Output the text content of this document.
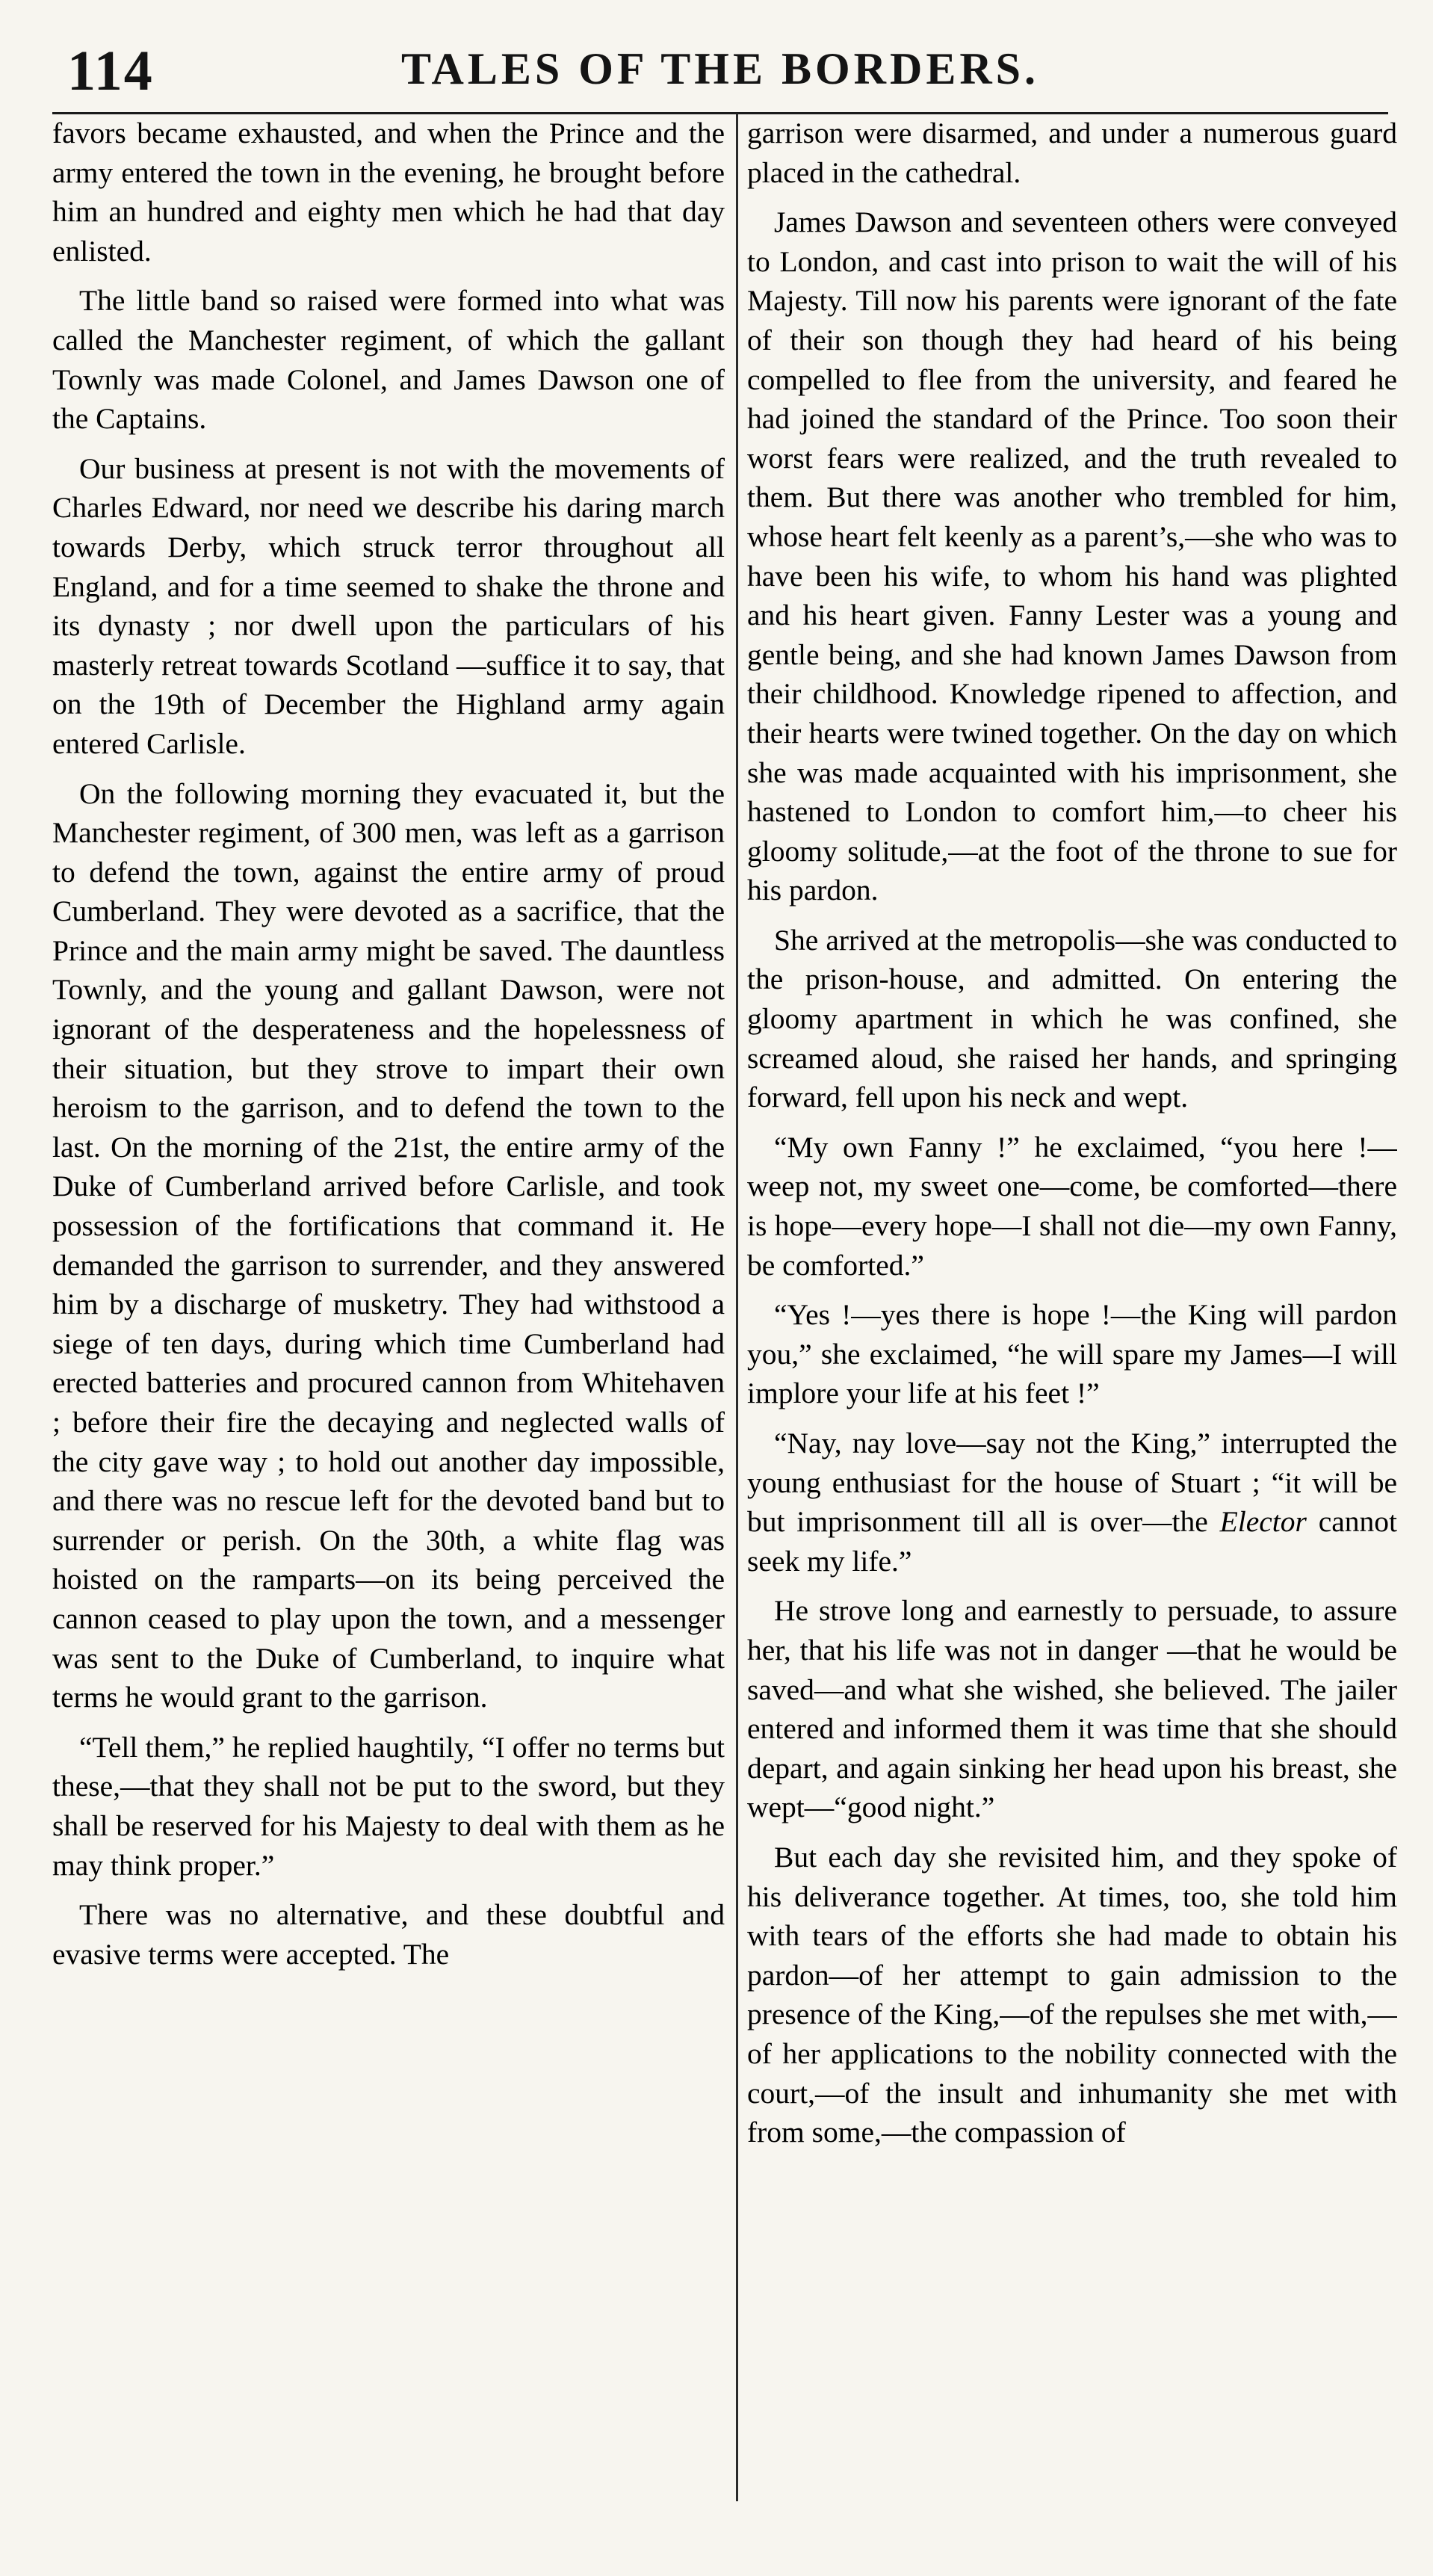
114	TALES OF THE BORDERS.

favors became exhausted, and when the Prince and the army entered the town in the evening, he brought before him an hundred and eighty men which he had that day enlisted.

The little band so raised were formed into what was called the Manchester regiment, of which the gallant Townly was made Colonel, and James Dawson one of the Captains.

Our business at present is not with the movements of Charles Edward, nor need we describe his daring march towards Derby, which struck terror throughout all England, and for a time seemed to shake the throne and its dynasty ; nor dwell upon the particulars of his masterly retreat towards Scotland —suffice it to say, that on the 19th of December the Highland army again entered Carlisle.

On the following morning they evacuated it, but the Manchester regiment, of 300 men, was left as a garrison to defend the town, against the entire army of proud Cumberland. They were devoted as a sacrifice, that the Prince and the main army might be saved. The dauntless Townly, and the young and gallant Dawson, were not ignorant of the desperateness and the hopelessness of their situation, but they strove to impart their own heroism to the garrison, and to defend the town to the last. On the morning of the 21st, the entire army of the Duke of Cumberland arrived before Carlisle, and took possession of the fortifications that command it. He demanded the garrison to surrender, and they answered him by a discharge of musketry. They had withstood a siege of ten days, during which time Cumberland had erected batteries and procured cannon from Whitehaven ; before their fire the decaying and neglected walls of the city gave way ; to hold out another day impossible, and there was no rescue left for the devoted band but to surrender or perish. On the 30th, a white flag was hoisted on the ramparts—on its being perceived the cannon ceased to play upon the town, and a messenger was sent to the Duke of Cumberland, to inquire what terms he would grant to the garrison.

“Tell them,” he replied haughtily, “I offer no terms but these,—that they shall not be put to the sword, but they shall be reserved for his Majesty to deal with them as he may think proper.”

There was no alternative, and these doubtful and evasive terms were accepted. The

garrison were disarmed, and under a numerous guard placed in the cathedral.

James Dawson and seventeen others were conveyed to London, and cast into prison to wait the will of his Majesty. Till now his parents were ignorant of the fate of their son though they had heard of his being compelled to flee from the university, and feared he had joined the standard of the Prince. Too soon their worst fears were realized, and the truth revealed to them. But there was another who trembled for him, whose heart felt keenly as a parent’s,—she who was to have been his wife, to whom his hand was plighted and his heart given. Fanny Lester was a young and gentle being, and she had known James Dawson from their childhood. Knowledge ripened to affection, and their hearts were twined together. On the day on which she was made acquainted with his imprisonment, she hastened to London to comfort him,—to cheer his gloomy solitude,—at the foot of the throne to sue for his pardon.

She arrived at the metropolis—she was conducted to the prison-house, and admitted. On entering the gloomy apartment in which he was confined, she screamed aloud, she raised her hands, and springing forward, fell upon his neck and wept.

“My own Fanny !” he exclaimed, “you here !—weep not, my sweet one—come, be comforted—there is hope—every hope—I shall not die—my own Fanny, be comforted.”

“Yes !—yes there is hope !—the King will pardon you,” she exclaimed, “he will spare my James—I will implore your life at his feet !”

“Nay, nay love—say not the King,” interrupted the young enthusiast for the house of Stuart ; “it will be but imprisonment till all is over—the Elector cannot seek my life.”

He strove long and earnestly to persuade, to assure her, that his life was not in danger —that he would be saved—and what she wished, she believed. The jailer entered and informed them it was time that she should depart, and again sinking her head upon his breast, she wept—“good night.”

But each day she revisited him, and they spoke of his deliverance together. At times, too, she told him with tears of the efforts she had made to obtain his pardon—of her attempt to gain admission to the presence of the King,—of the repulses she met with,—of her applications to the nobility connected with the court,—of the insult and inhumanity she met with from some,—the compassion of
